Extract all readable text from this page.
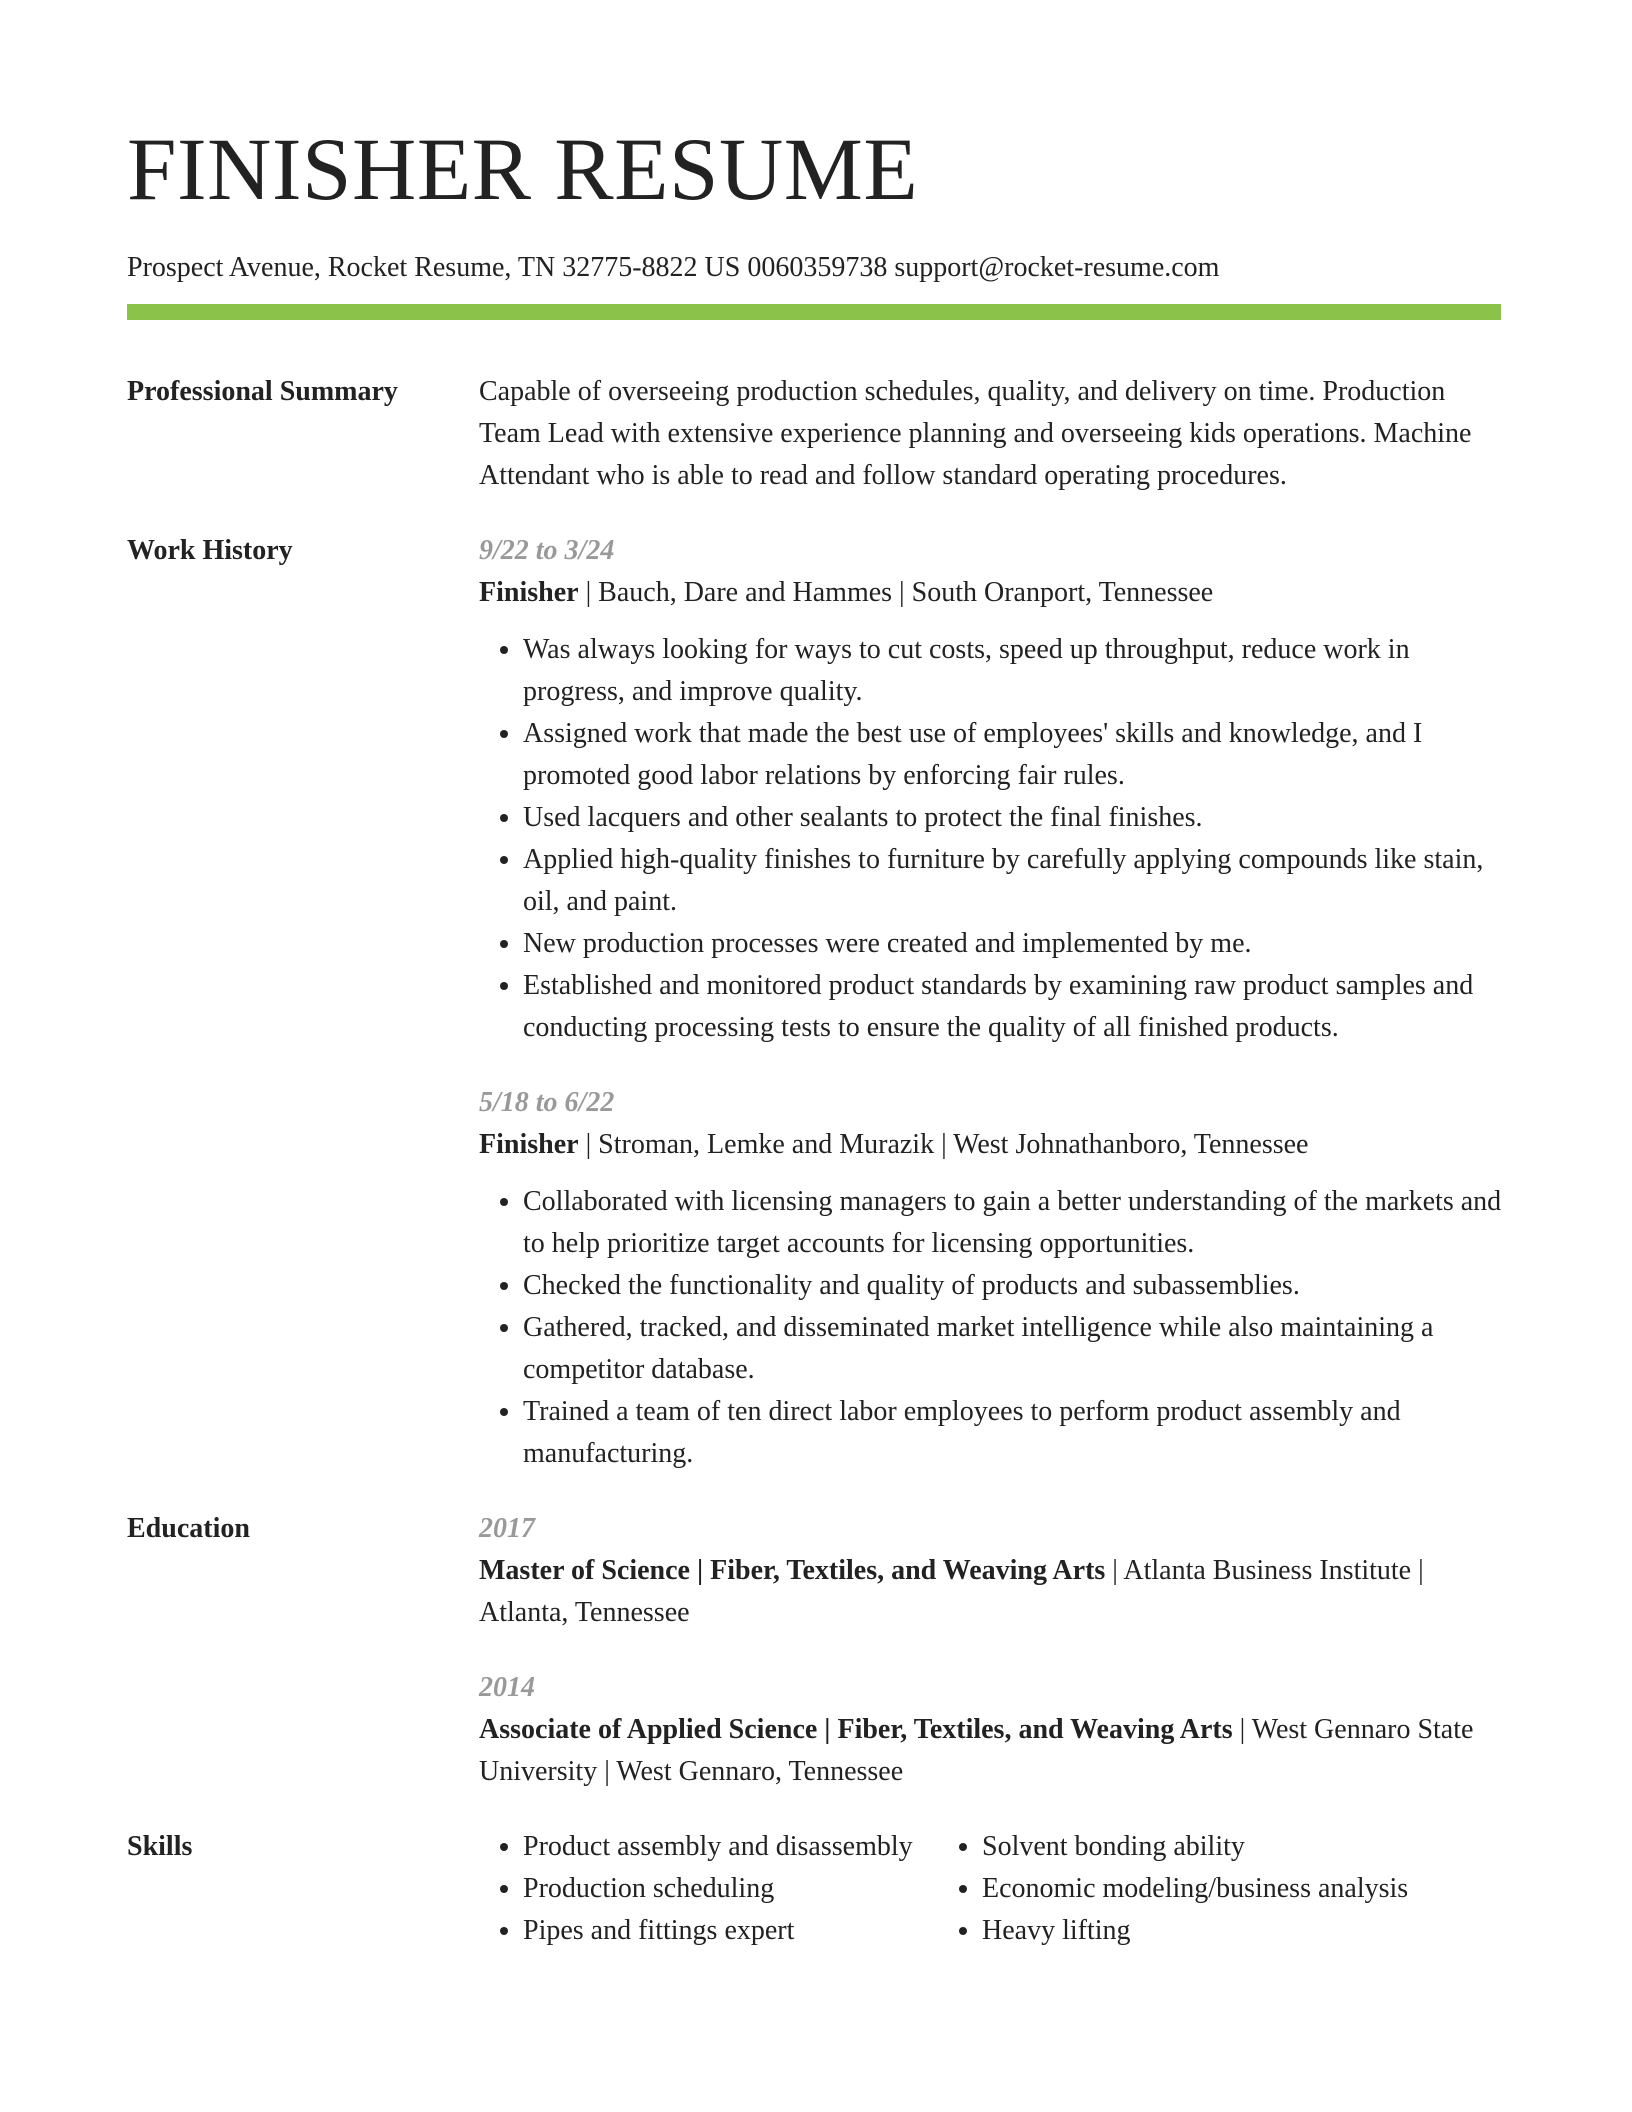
FINISHER RESUME
Prospect Avenue, Rocket Resume, TN 32775-8822 US 0060359738 support@rocket-resume.com
Professional Summary	Capable of overseeing production schedules, quality, and delivery on time. Production Team Lead with extensive experience planning and overseeing kids operations. Machine Attendant who is able to read and follow standard operating procedures.
Work History	9/22 to 3/24
Finisher | Bauch, Dare and Hammes | South Oranport, Tennessee
• Was always looking for ways to cut costs, speed up throughput, reduce work in progress, and improve quality.
• Assigned work that made the best use of employees' skills and knowledge, and I promoted good labor relations by enforcing fair rules.
• Used lacquers and other sealants to protect the final finishes.
• Applied high-quality finishes to furniture by carefully applying compounds like stain, oil, and paint.
• New production processes were created and implemented by me.
• Established and monitored product standards by examining raw product samples and conducting processing tests to ensure the quality of all finished products.
5/18 to 6/22
Finisher | Stroman, Lemke and Murazik | West Johnathanboro, Tennessee
• Collaborated with licensing managers to gain a better understanding of the markets and to help prioritize target accounts for licensing opportunities.
• Checked the functionality and quality of products and subassemblies.
• Gathered, tracked, and disseminated market intelligence while also maintaining a competitor database.
• Trained a team of ten direct labor employees to perform product assembly and manufacturing.
Education	2017
Master of Science | Fiber, Textiles, and Weaving Arts | Atlanta Business Institute | Atlanta, Tennessee
2014
Associate of Applied Science | Fiber, Textiles, and Weaving Arts | West Gennaro State University | West Gennaro, Tennessee
Skills
•	Product assembly and disassembly
• Production scheduling
• Pipes and fittings expert
• Solvent bonding ability
• Economic modeling/business analysis
• Heavy lifting
